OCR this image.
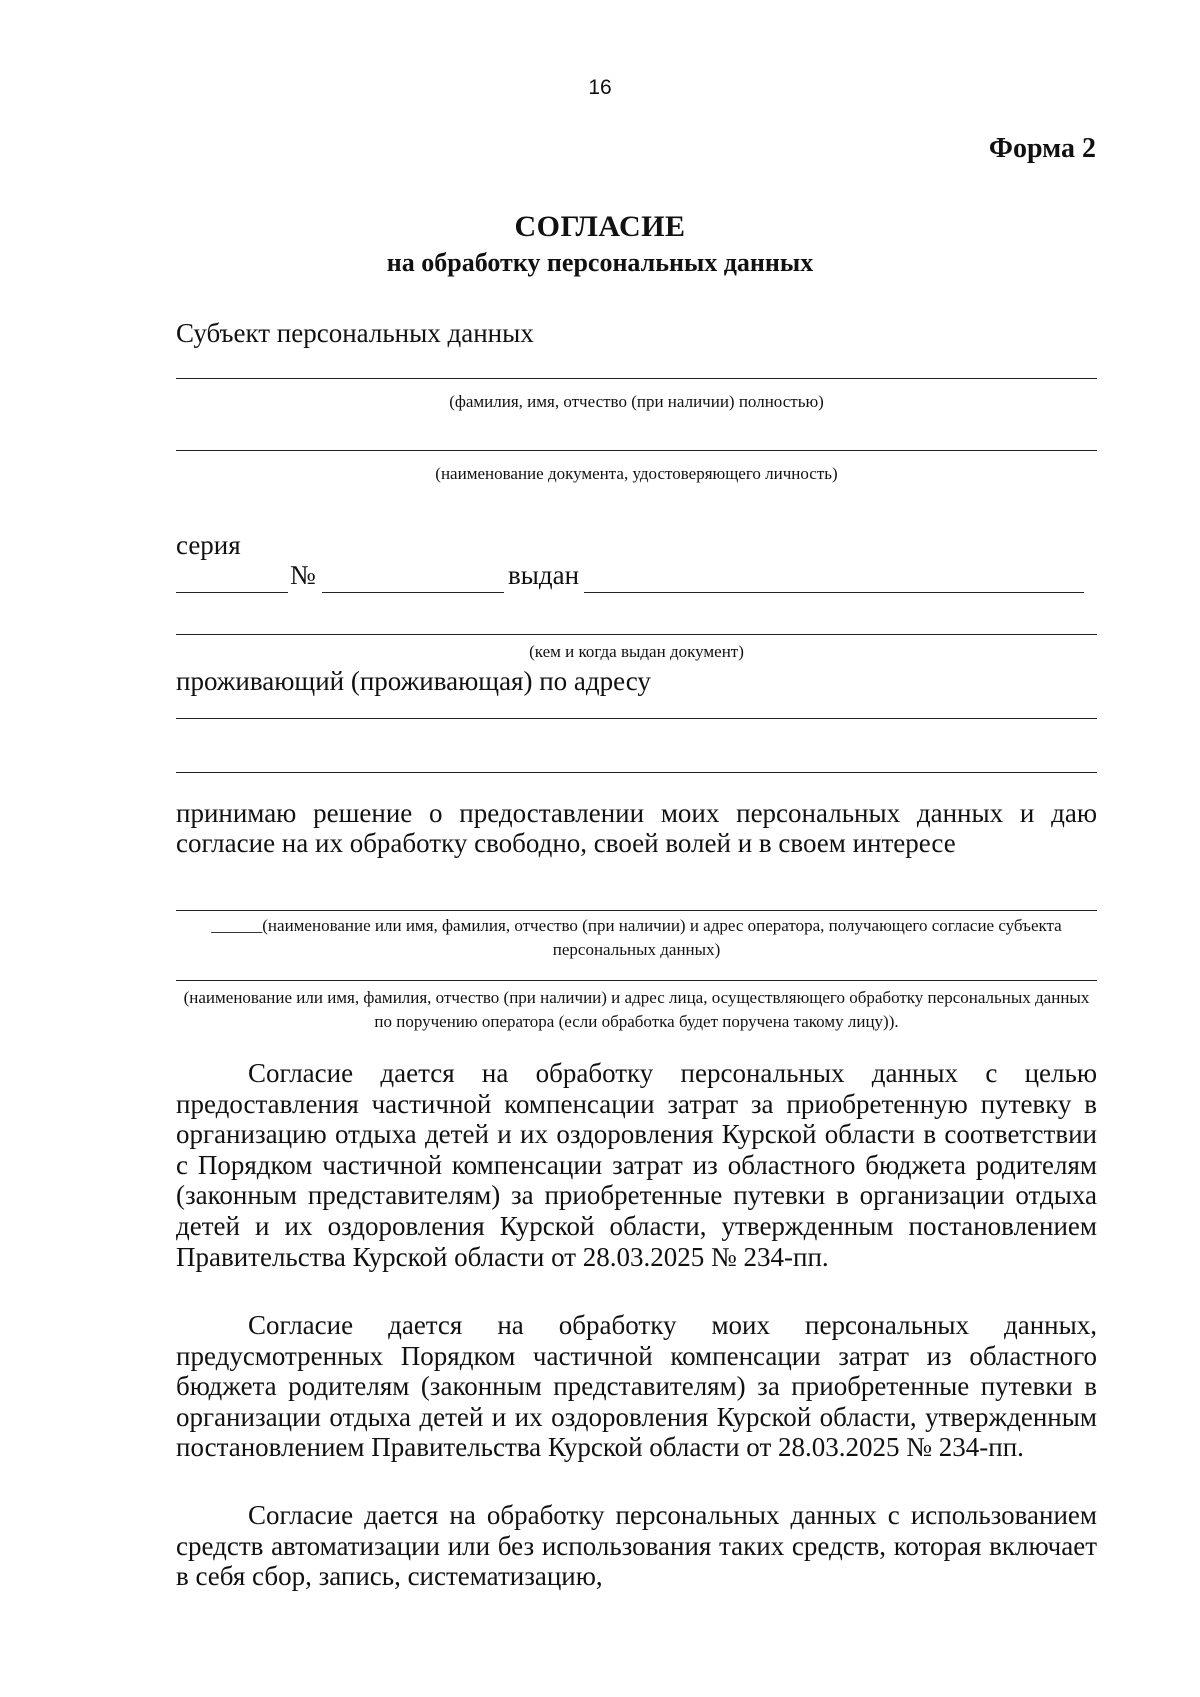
16
Форма 2
СОГЛАСИЕ
на обработку персональных данных
Субъект персональных данных
(фамилия, имя, отчество (при наличии) полностью)
(наименование документа, удостоверяющего личность)
серия
№	выдан
(кем и когда выдан документ)
проживающий (проживающая) по адресу
принимаю решение о предоставлении моих персональных данных и даю согласие на их обработку свободно, своей волей и в своем интересе
______(наименование или имя, фамилия, отчество (при наличии) и адрес оператора, получающего согласие субъекта персональных данных)
(наименование или имя, фамилия, отчество (при наличии) и адрес лица, осуществляющего обработку персональных данных по поручению оператора (если обработка будет поручена такому лицу)).
Согласие дается на обработку персональных данных с целью предоставления частичной компенсации затрат за приобретенную путевку в организацию отдыха детей и их оздоровления Курской области в соответствии с Порядком частичной компенсации затрат из областного бюджета родителям (законным представителям) за приобретенные путевки в организации отдыха детей и их оздоровления Курской области, утвержденным постановлением Правительства Курской области от 28.03.2025 № 234-пп.
Согласие дается на обработку моих персональных данных, предусмотренных Порядком частичной компенсации затрат из областного бюджета родителям (законным представителям) за приобретенные путевки в организации отдыха детей и их оздоровления Курской области, утвержденным постановлением Правительства Курской области от 28.03.2025 № 234-пп.
Согласие дается на обработку персональных данных с использованием средств автоматизации или без использования таких средств, которая включает в себя сбор, запись, систематизацию,
